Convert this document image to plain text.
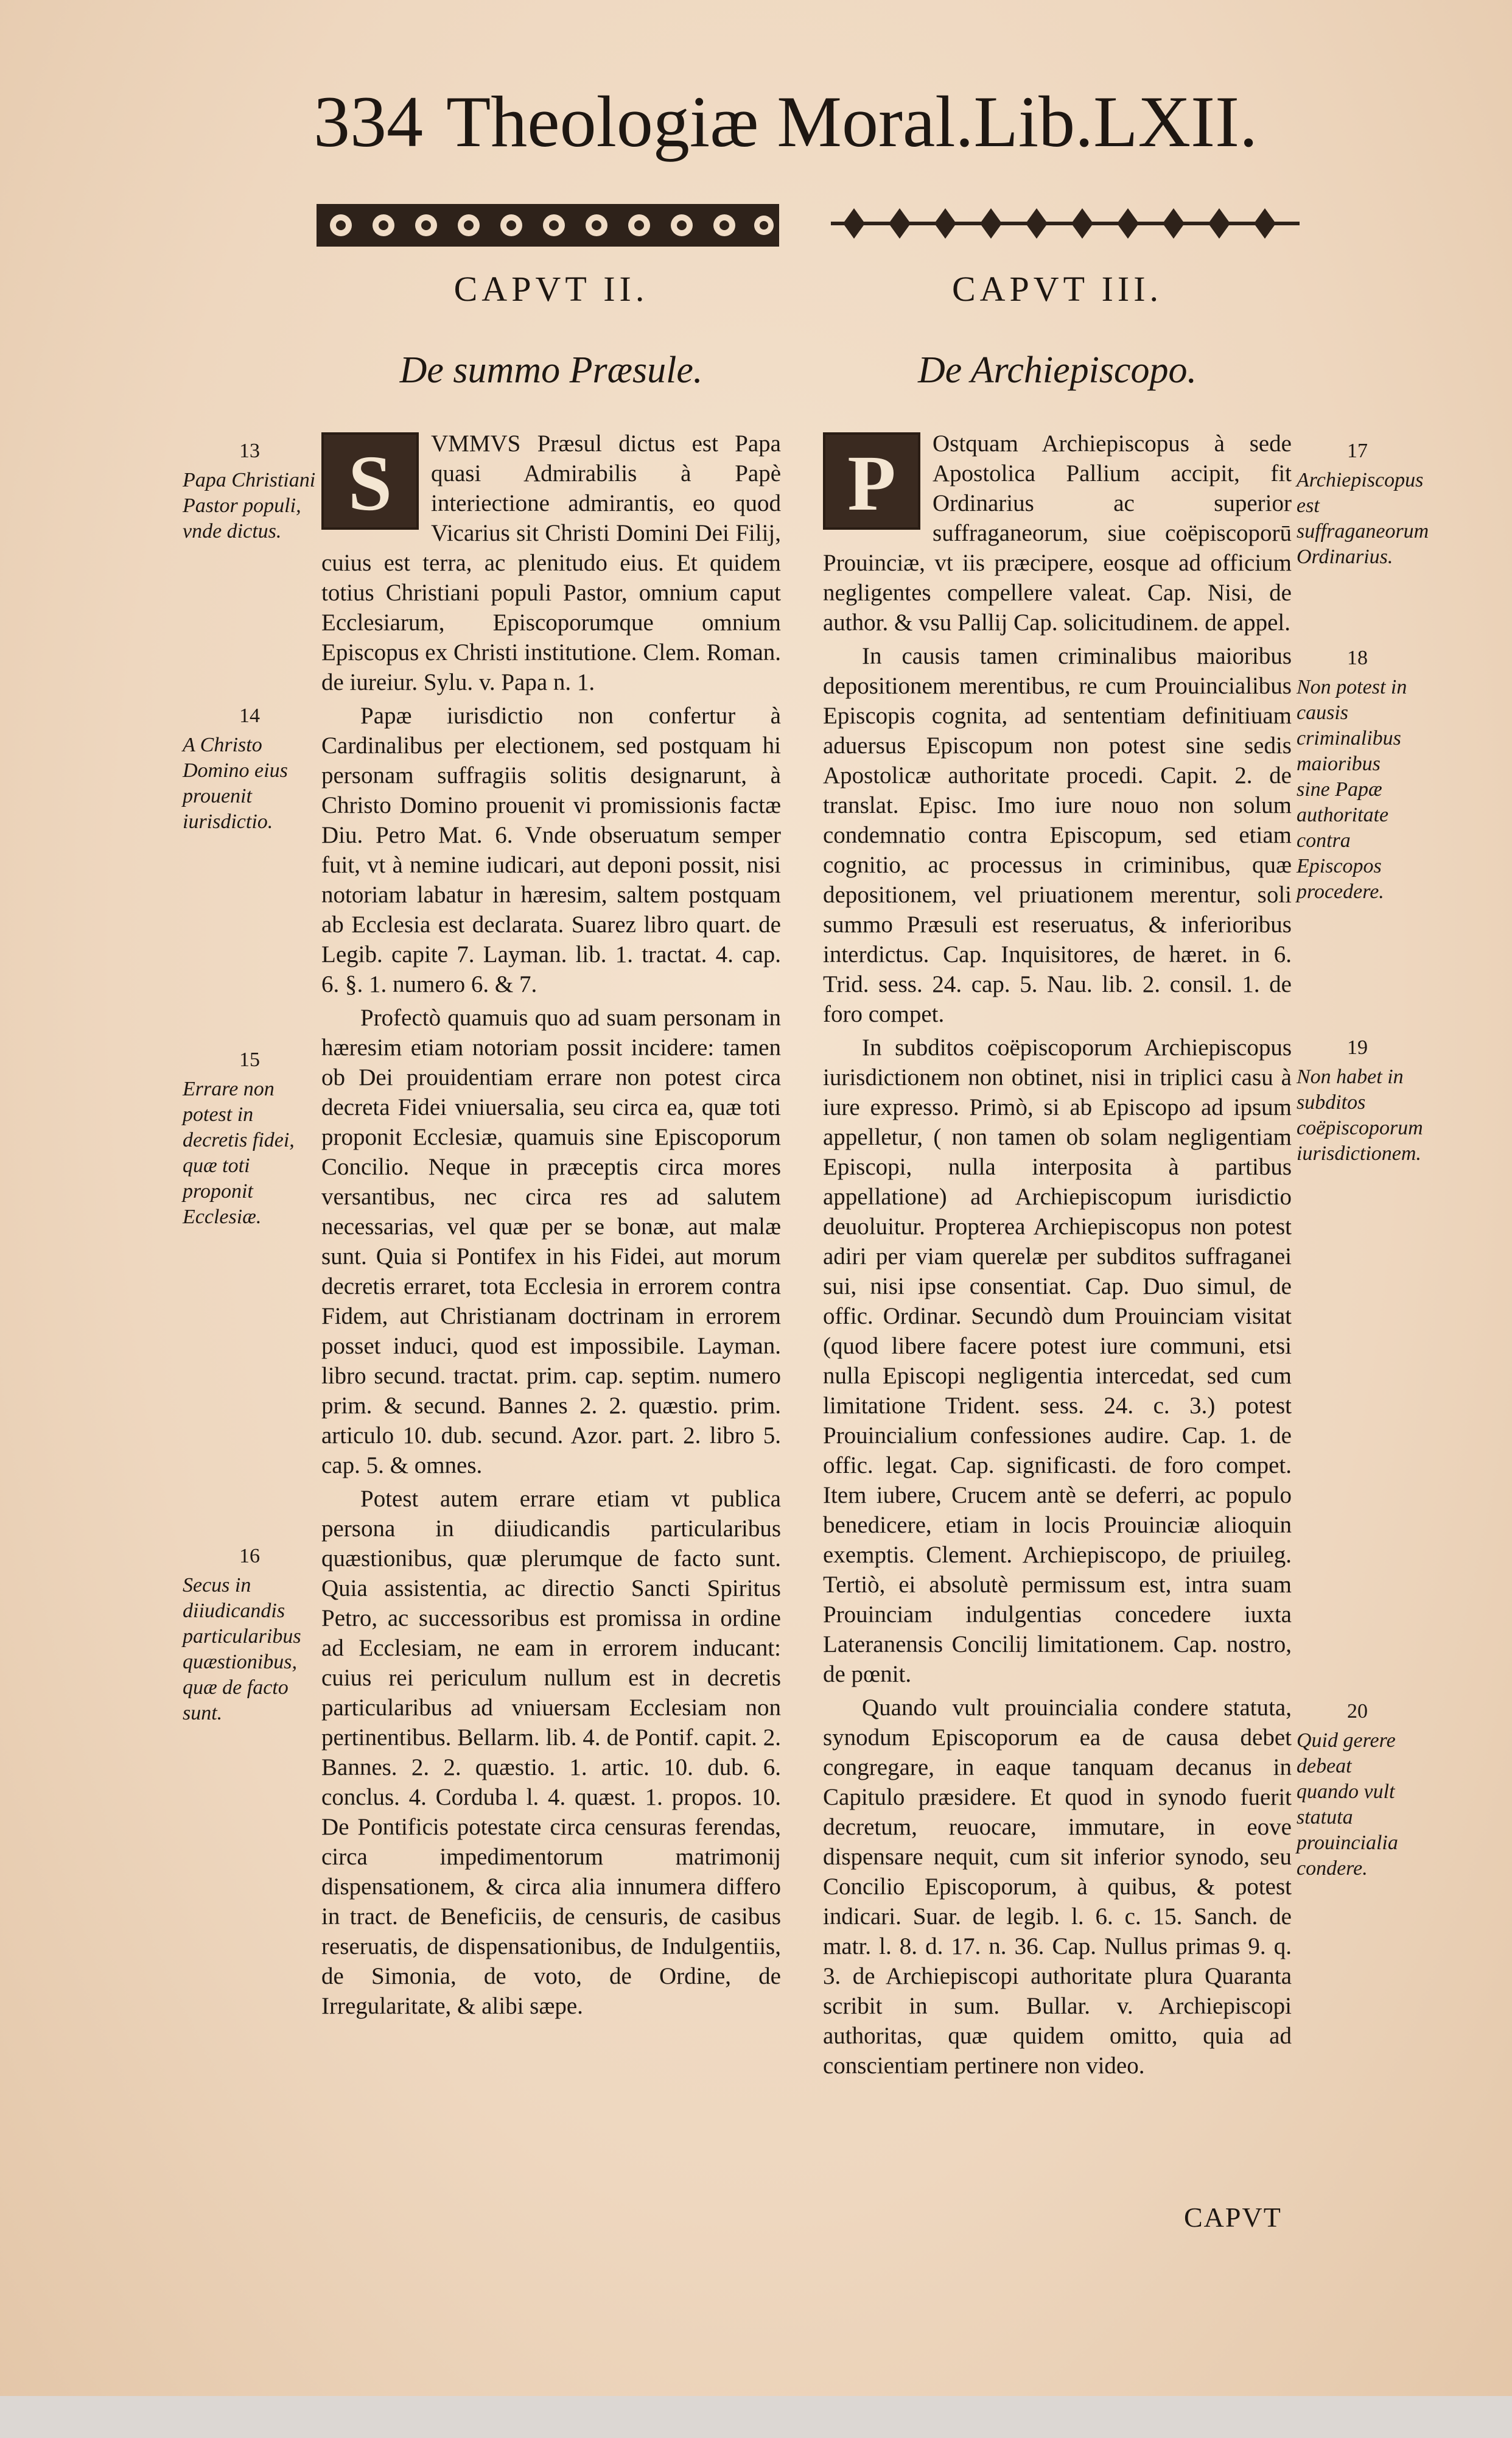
334 Theologiæ Moral.Lib.LXII.
CAPVT II.
De summo Præsule.

S	VMMVS Præsul dictus est Papa quasi Admirabilis à Papè interiectione admirantis, eo quod Vicarius sit Christi Domini Dei Filij, cuius est terra, ac plenitudo eius. Et quidem totius Christiani populi Pastor, omnium caput Ecclesiarum, Episcoporumque omnium Episcopus ex Christi institutione. Clem. Roman. de iureiur. Sylu. v. Papa n. 1.

Papæ iurisdictio non confertur à Cardinalibus per electionem, sed postquam hi personam suffragiis solitis designarunt, à Christo Domino prouenit vi promissionis factæ Diu. Petro Mat. 6. Vnde obseruatum semper fuit, vt à nemine iudicari, aut deponi possit, nisi notoriam labatur in hæresim, saltem postquam ab Ecclesia est declarata. Suarez libro quart. de Legib. capite 7. Layman. lib. 1. tractat. 4. cap. 6. §. 1. numero 6. & 7.

Profectò quamuis quo ad suam personam in hæresim etiam notoriam possit incidere: tamen ob Dei prouidentiam errare non potest circa decreta Fidei vniuersalia, seu circa ea, quæ toti proponit Ecclesiæ, quamuis sine Episcoporum Concilio. Neque in præceptis circa mores versantibus, nec circa res ad salutem necessarias, vel quæ per se bonæ, aut malæ sunt. Quia si Pontifex in his Fidei, aut morum decretis erraret, tota Ecclesia in errorem contra Fidem, aut Christianam doctrinam in errorem posset induci, quod est impossibile. Layman. libro secund. tractat. prim. cap. septim. numero prim. & secund. Bannes 2. 2. quæstio. prim. articulo 10. dub. secund. Azor. part. 2. libro 5. cap. 5. & omnes.

Potest autem errare etiam vt publica persona in diiudicandis particularibus quæstionibus, quæ plerumque de facto sunt. Quia assistentia, ac directio Sancti Spiritus Petro, ac successoribus est promissa in ordine ad Ecclesiam, ne eam in errorem inducant: cuius rei periculum nullum est in decretis particularibus ad vniuersam Ecclesiam non pertinentibus. Bellarm. lib. 4. de Pontif. capit. 2. Bannes. 2. 2. quæstio. 1. artic. 10. dub. 6. conclus. 4. Corduba l. 4. quæst. 1. propos. 10. De Pontificis potestate circa censuras ferendas, circa impedimentorum matrimonij dispensationem, & circa alia innumera differo in tract. de Beneficiis, de censuris, de casibus reseruatis, de dispensationibus, de Indulgentiis, de Simonia, de voto, de Ordine, de Irregularitate, & alibi sæpe.

13
Papa Christiani Pastor populi, vnde dictus.
14
A Christo Domino eius prouenit iurisdictio.
15
Errare non potest in decretis fidei, quæ toti proponit Ecclesiæ.
16
Secus in diiudicandis particularibus quæstionibus, quæ de facto sunt.
CAPVT III.
De Archiepiscopo.

P	Ostquam Archiepiscopus à sede Apostolica Pallium accipit, fit Ordinarius ac superior suffraganeorum, siue coëpiscoporū Prouinciæ, vt iis præcipere, eosque ad officium negligentes compellere valeat. Cap. Nisi, de author. & vsu Pallij Cap. solicitudinem. de appel.

In causis tamen criminalibus maioribus depositionem merentibus, re cum Prouincialibus Episcopis cognita, ad sententiam definitiuam aduersus Episcopum non potest sine sedis Apostolicæ authoritate procedi. Capit. 2. de translat. Episc. Imo iure nouo non solum condemnatio contra Episcopum, sed etiam cognitio, ac processus in criminibus, quæ depositionem, vel priuationem merentur, soli summo Præsuli est reseruatus, & inferioribus interdictus. Cap. Inquisitores, de hæret. in 6. Trid. sess. 24. cap. 5. Nau. lib. 2. consil. 1. de foro compet.

In subditos coëpiscoporum Archiepiscopus iurisdictionem non obtinet, nisi in triplici casu à iure expresso. Primò, si ab Episcopo ad ipsum appelletur, ( non tamen ob solam negligentiam Episcopi, nulla interposita à partibus appellatione) ad Archiepiscopum iurisdictio deuoluitur. Propterea Archiepiscopus non potest adiri per viam querelæ per subditos suffraganei sui, nisi ipse consentiat. Cap. Duo simul, de offic. Ordinar. Secundò dum Prouinciam visitat (quod libere facere potest iure communi, etsi nulla Episcopi negligentia intercedat, sed cum limitatione Trident. sess. 24. c. 3.) potest Prouincialium confessiones audire. Cap. 1. de offic. legat. Cap. significasti. de foro compet. Item iubere, Crucem antè se deferri, ac populo benedicere, etiam in locis Prouinciæ alioquin exemptis. Clement. Archiepiscopo, de priuileg. Tertiò, ei absolutè permissum est, intra suam Prouinciam indulgentias concedere iuxta Lateranensis Concilij limitationem. Cap. nostro, de pœnit.

Quando vult prouincialia condere statuta, synodum Episcoporum ea de causa debet congregare, in eaque tanquam decanus in Capitulo præsidere. Et quod in synodo fuerit decretum, reuocare, immutare, in eove dispensare nequit, cum sit inferior synodo, seu Concilio Episcoporum, à quibus, & potest indicari. Suar. de legib. l. 6. c. 15. Sanch. de matr. l. 8. d. 17. n. 36. Cap. Nullus primas 9. q. 3. de Archiepiscopi authoritate plura Quaranta scribit in sum. Bullar. v. Archiepiscopi authoritas, quæ quidem omitto, quia ad conscientiam pertinere non video.

17
Archiepiscopus est suffraganeorum Ordinarius.
18
Non potest in causis criminalibus maioribus sine Papæ authoritate contra Episcopos procedere.
19
Non habet in subditos coëpiscoporum iurisdictionem.
20
Quid gerere debeat quando vult statuta prouincialia condere.
CAPVT
